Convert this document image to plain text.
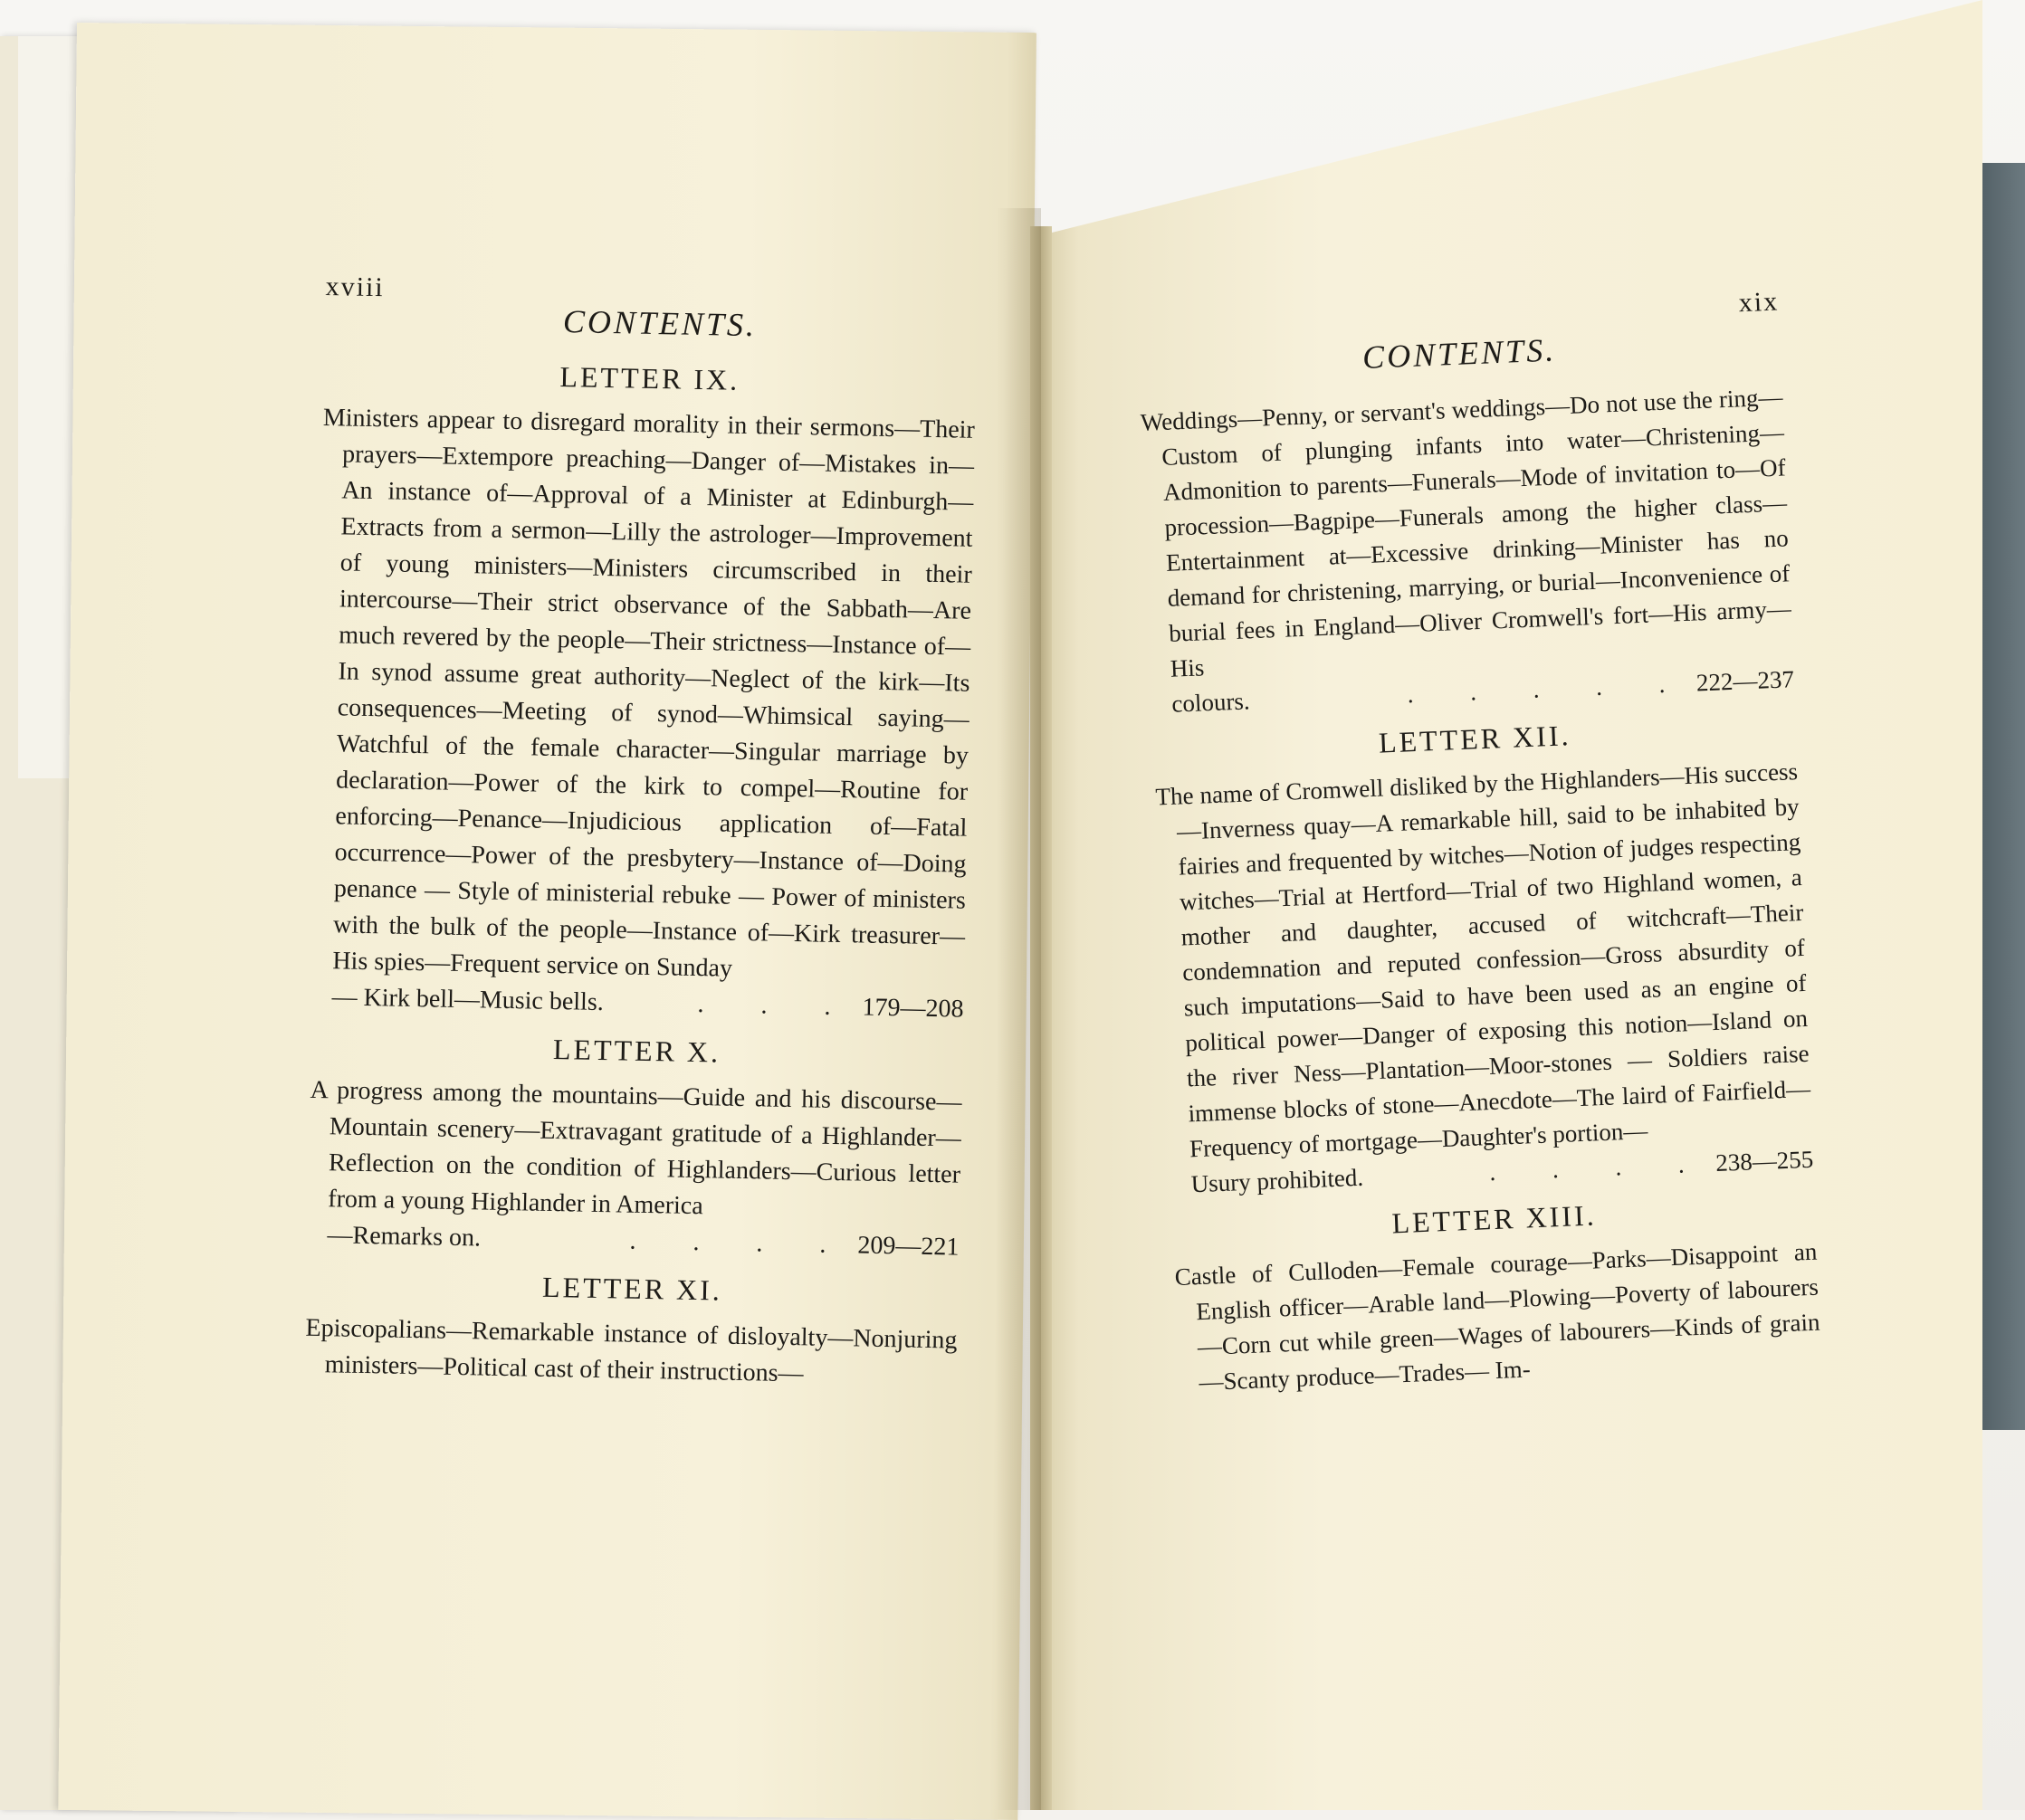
xviii
CONTENTS.
LETTER IX.
Ministers appear to disregard morality in their sermons—Their prayers—Extempore preaching—Danger of—Mistakes in—An instance of—Approval of a Minister at Edinburgh—Extracts from a sermon—Lilly the astrologer—Improvement of young ministers—Ministers circumscribed in their intercourse—Their strict observance of the Sabbath—Are much revered by the people—Their strictness—Instance of—In synod assume great authority—Neglect of the kirk—Its consequences—Meeting of synod—Whimsical saying—Watchful of the female character—Singular marriage by declaration—Power of the kirk to compel—Routine for enforcing—Penance—Injudicious application of—Fatal occurrence—Power of the presbytery—Instance of—Doing penance — Style of ministerial rebuke — Power of ministers with the bulk of the people—Instance of—Kirk treasurer—His spies—Frequent service on Sunday
— Kirk bell—Music bells.	. . . 179—208
LETTER X.
A progress among the mountains—Guide and his discourse—Mountain scenery—Extravagant gratitude of a Highlander—Reflection on the condition of Highlanders—Curious letter from a young Highlander in America
—Remarks on.	. . . . 209—221
LETTER XI.
Episcopalians—Remarkable instance of disloyalty—Nonjuring ministers—Political cast of their instructions—
xix
CONTENTS.
Weddings—Penny, or servant's weddings—Do not use the ring—Custom of plunging infants into water—Christening—Admonition to parents—Funerals—Mode of invitation to—Of procession—Bagpipe—Funerals among the higher class—Entertainment at—Excessive drinking—Minister has no demand for christening, marrying, or burial—Inconvenience of burial fees in England—Oliver Cromwell's fort—His army—His
colours.	. . . . . 222—237
LETTER XII.
The name of Cromwell disliked by the Highlanders—His success—Inverness quay—A remarkable hill, said to be inhabited by fairies and frequented by witches—Notion of judges respecting witches—Trial at Hertford—Trial of two Highland women, a mother and daughter, accused of witchcraft—Their condemnation and reputed confession—Gross absurdity of such imputations—Said to have been used as an engine of political power—Danger of exposing this notion—Island on the river Ness—Plantation—Moor-stones — Soldiers raise immense blocks of stone—Anecdote—The laird of Fairfield—Frequency of mortgage—Daughter's portion—
Usury prohibited.	. . . . 238—255
LETTER XIII.
Castle of Culloden—Female courage—Parks—Disappoint an English officer—Arable land—Plowing—Poverty of labourers—Corn cut while green—Wages of labourers—Kinds of grain—Scanty produce—Trades— Im-
